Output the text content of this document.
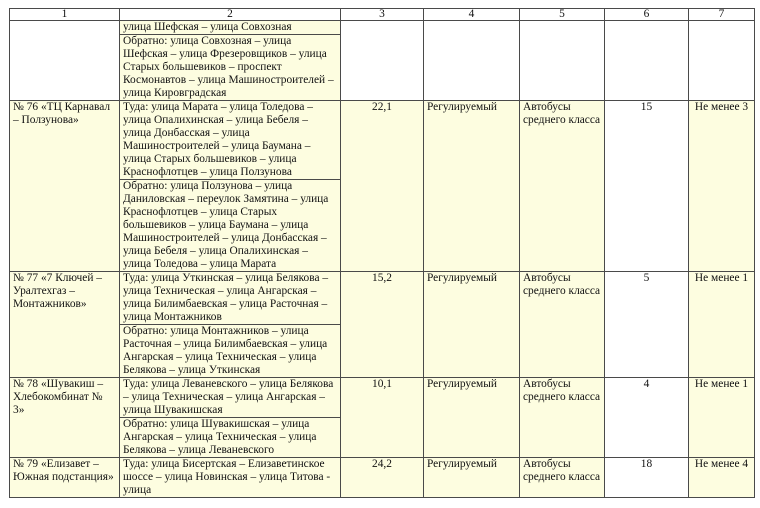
1	2	3	4	5	6	7
	улица Шефская – улица Совхозная					
	Обратно: улица Совхозная – улица Шефская – улица Фрезеровщиков – улица Старых большевиков – проспект Космонавтов – улица Машиностроителей – улица Кировградская					
№ 76 «ТЦ Карнавал – Ползунова»	Туда: улица Марата – улица Толедова – улица Опалихинская – улица Бебеля – улица Донбасская – улица Машиностроителей – улица Баумана – улица Старых большевиков – улица Краснофлотцев – улица Ползунова	22,1	Регулируемый	Автобусы среднего класса	15	Не менее 3
	Обратно: улица Ползунова – улица Даниловская – переулок Замятина – улица Краснофлотцев – улица Старых большевиков – улица Баумана – улица Машиностроителей – улица Донбасская – улица Бебеля – улица Опалихинская – улица Толедова – улица Марата					
№ 77 «7 Ключей – Уралтехгаз – Монтажников»	Туда: улица Уткинская – улица Белякова – улица Техническая – улица Ангарская – улица Билимбаевская – улица Расточная – улица Монтажников	15,2	Регулируемый	Автобусы среднего класса	5	Не менее 1
	Обратно: улица Монтажников – улица Расточная – улица Билимбаевская – улица Ангарская – улица Техническая – улица Белякова – улица Уткинская					
№ 78 «Шувакиш – Хлебокомбинат № 3»	Туда: улица Леваневского – улица Белякова – улица Техническая – улица Ангарская – улица Шувакишская	10,1	Регулируемый	Автобусы среднего класса	4	Не менее 1
	Обратно: улица Шувакишская – улица Ангарская – улица Техническая – улица Белякова – улица Леваневского					
№ 79 «Елизавет – Южная подстанция»	Туда: улица Бисертская – Елизаветинское шоссе – улица Новинская – улица Титова - улица	24,2	Регулируемый	Автобусы среднего класса	18	Не менее 4
